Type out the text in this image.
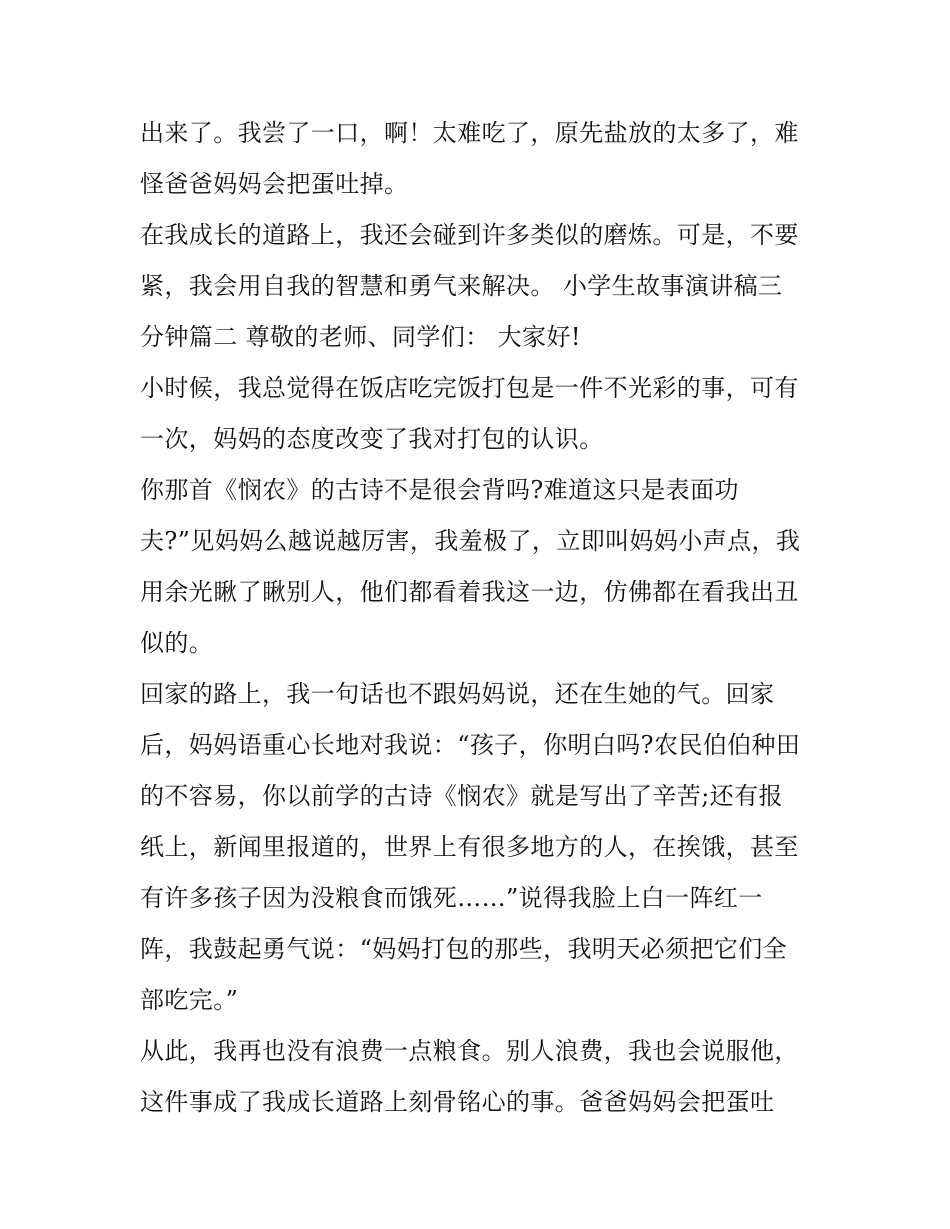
出来了。我尝了一口，啊！太难吃了，原先盐放的太多了，难
怪爸爸妈妈会把蛋吐掉。
在我成长的道路上，我还会碰到许多类似的磨炼。可是，不要
紧，我会用自我的智慧和勇气来解决。 小学生故事演讲稿三
分钟篇二 尊敬的老师、同学们： 大家好!
小时候，我总觉得在饭店吃完饭打包是一件不光彩的事，可有
一次，妈妈的态度改变了我对打包的认识。
你那首《悯农》的古诗不是很会背吗?难道这只是表面功
夫?”见妈妈么越说越厉害，我羞极了，立即叫妈妈小声点，我
用余光瞅了瞅别人，他们都看着我这一边，仿佛都在看我出丑
似的。
回家的路上，我一句话也不跟妈妈说，还在生她的气。回家
后，妈妈语重心长地对我说：“孩子，你明白吗?农民伯伯种田
的不容易，你以前学的古诗《悯农》就是写出了辛苦;还有报
纸上，新闻里报道的，世界上有很多地方的人，在挨饿，甚至
有许多孩子因为没粮食而饿死……”说得我脸上白一阵红一
阵，我鼓起勇气说：“妈妈打包的那些，我明天必须把它们全
部吃完。”
从此，我再也没有浪费一点粮食。别人浪费，我也会说服他，
这件事成了我成长道路上刻骨铭心的事。爸爸妈妈会把蛋吐
